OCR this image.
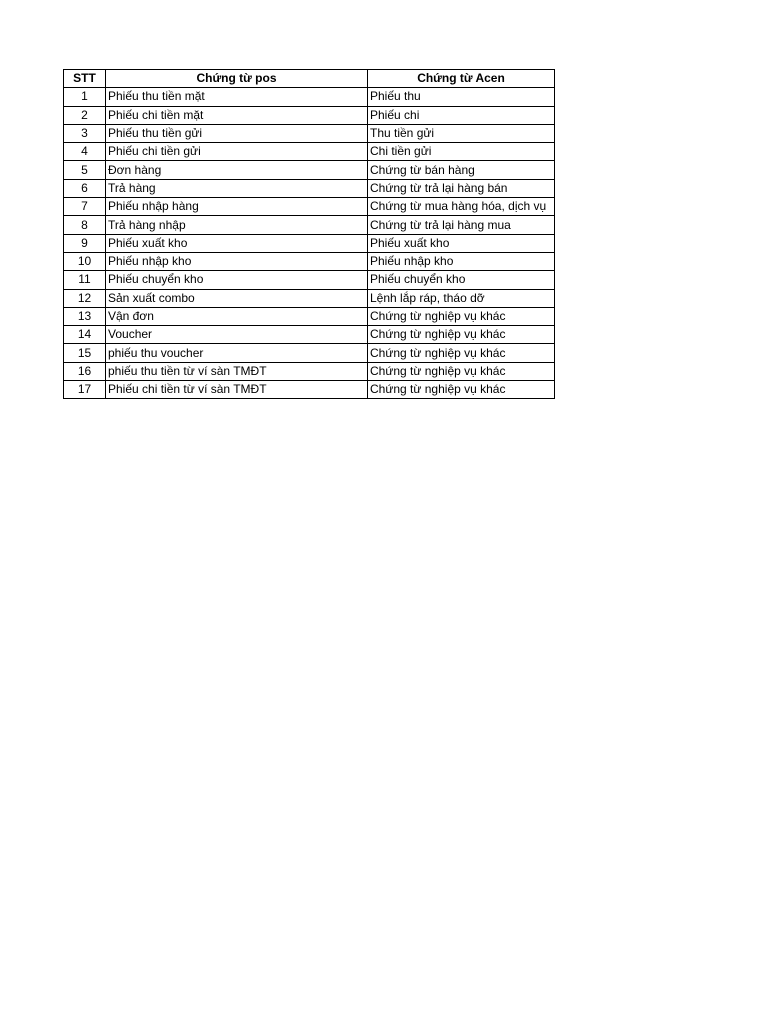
STT	Chứng từ pos	Chứng từ Acen
1	Phiếu thu tiền mặt	Phiếu thu
2	Phiếu chi tiền mặt	Phiếu chi
3	Phiếu thu tiền gửi	Thu tiền gửi
4	Phiếu chi tiền gửi	Chi tiền gửi
5	Đơn hàng	Chứng từ bán hàng
6	Trả hàng	Chứng từ trả lại hàng bán
7	Phiếu nhập hàng	Chứng từ mua hàng hóa, dịch vụ
8	Trả hàng nhập	Chứng từ trả lại hàng mua
9	Phiếu xuất kho	Phiếu xuất kho
10	Phiếu nhập kho	Phiếu nhập kho
11	Phiếu chuyển kho	Phiếu chuyển kho
12	Sản xuất combo	Lệnh lắp ráp, tháo dỡ
13	Vận đơn	Chứng từ nghiệp vụ khác
14	Voucher	Chứng từ nghiệp vụ khác
15	phiếu thu voucher	Chứng từ nghiệp vụ khác
16	phiếu thu tiền từ ví sàn TMĐT	Chứng từ nghiệp vụ khác
17	Phiếu chi tiền từ ví sàn TMĐT	Chứng từ nghiệp vụ khác
